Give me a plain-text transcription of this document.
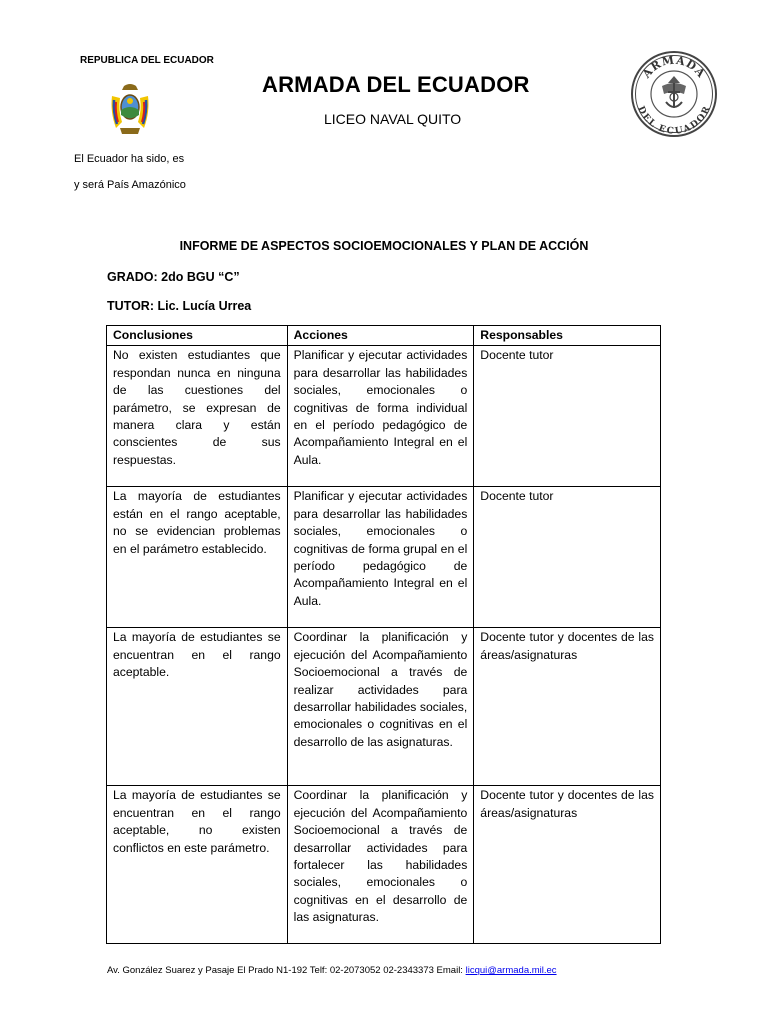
REPUBLICA DEL ECUADOR
El Ecuador ha sido, es
y será País Amazónico
ARMADA DEL ECUADOR
LICEO NAVAL QUITO
ARMADA
DEL ECUADOR
INFORME DE ASPECTOS SOCIOEMOCIONALES Y PLAN DE ACCIÓN
GRADO: 2do BGU “C”
TUTOR: Lic. Lucía Urrea
Conclusiones	Acciones	Responsables
No existen estudiantes que respondan nunca en ninguna de las cuestiones del parámetro, se expresan de manera clara y están conscientes de sus respuestas.	Planificar y ejecutar actividades para desarrollar las habilidades sociales, emocionales o cognitivas de forma individual en el período pedagógico de Acompañamiento Integral en el Aula.	Docente tutor
La mayoría de estudiantes están en el rango aceptable, no se evidencian problemas en el parámetro establecido.	Planificar y ejecutar actividades para desarrollar las habilidades sociales, emocionales o cognitivas de forma grupal en el período pedagógico de Acompañamiento Integral en el Aula.	Docente tutor
La mayoría de estudiantes se encuentran en el rango aceptable.	Coordinar la planificación y ejecución del Acompañamiento Socioemocional a través de realizar actividades para desarrollar habilidades sociales, emocionales o cognitivas en el desarrollo de las asignaturas.	Docente tutor y docentes de las áreas/asignaturas
La mayoría de estudiantes se encuentran en el rango aceptable, no existen conflictos en este parámetro.	Coordinar la planificación y ejecución del Acompañamiento Socioemocional a través de desarrollar actividades para fortalecer las habilidades sociales, emocionales o cognitivas en el desarrollo de las asignaturas.	Docente tutor y docentes de las áreas/asignaturas
Av. González Suarez y Pasaje El Prado N1-192 Telf: 02-2073052 02-2343373 Email: licqui@armada.mil.ec
